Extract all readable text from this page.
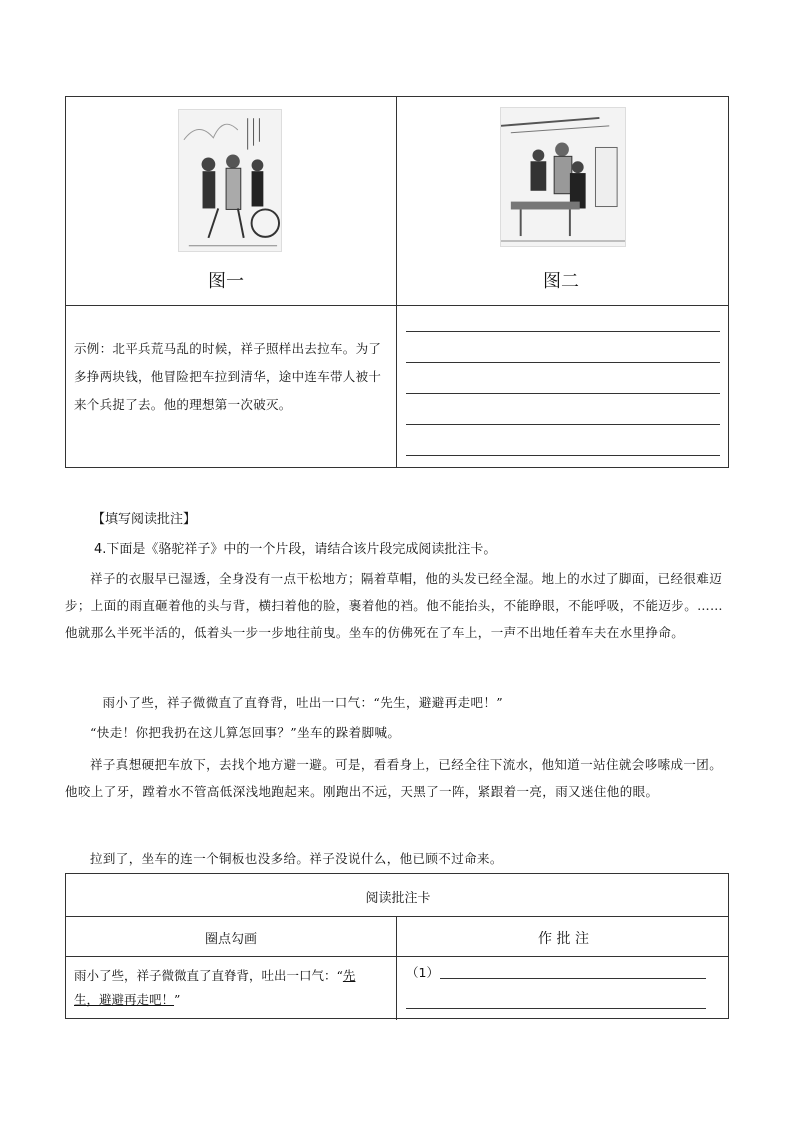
图一	图二
示例：北平兵荒马乱的时候，祥子照样出去拉车。为了多挣两块钱，他冒险把车拉到清华，途中连车带人被十来个兵捉了去。他的理想第一次破灭。
【填写阅读批注】
4.下面是《骆驼祥子》中的一个片段，请结合该片段完成阅读批注卡。
祥子的衣服早已湿透，全身没有一点干松地方；隔着草帽，他的头发已经全湿。地上的水过了脚面，已经很难迈步；上面的雨直砸着他的头与背，横扫着他的脸，裹着他的裆。他不能抬头，不能睁眼，不能呼吸，不能迈步。……他就那么半死半活的，低着头一步一步地往前曳。坐车的仿佛死在了车上，一声不出地任着车夫在水里挣命。
雨小了些，祥子微微直了直脊背，吐出一口气：“先生，避避再走吧！”
“快走！你把我扔在这儿算怎回事？”坐车的跺着脚喊。
祥子真想硬把车放下，去找个地方避一避。可是，看看身上，已经全往下流水，他知道一站住就会哆嗦成一团。他咬上了牙，蹚着水不管高低深浅地跑起来。刚跑出不远，天黑了一阵，紧跟着一亮，雨又迷住他的眼。
拉到了，坐车的连一个铜板也没多给。祥子没说什么，他已顾不过命来。
阅读批注卡
圈点勾画	作 批 注
雨小了些，祥子微微直了直脊背，吐出一口气：“先
生，避避再走吧！”
（1）
